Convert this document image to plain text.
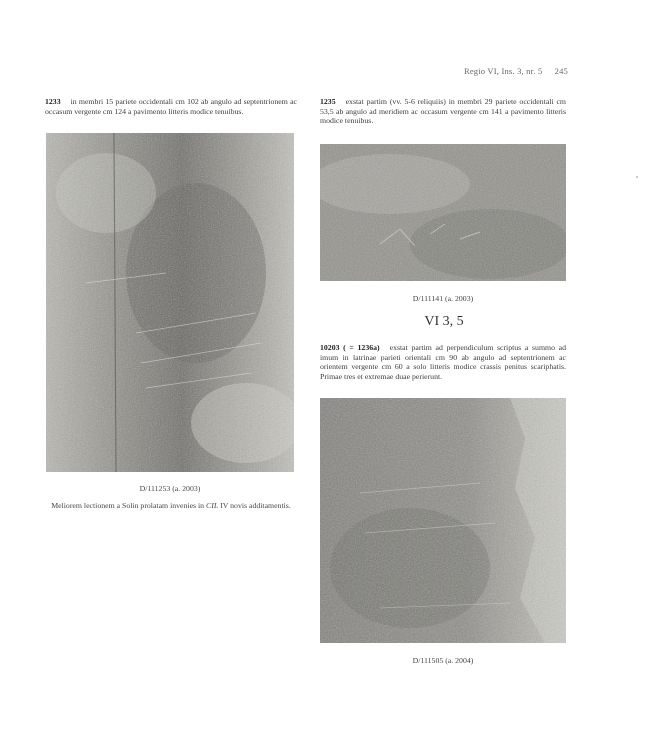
Regio VI, Ins. 3, nr. 5 245
1233 in membri 15 pariete occidentali cm 102 ab angulo ad septentrionem ac occasum vergente cm 124 a pavimento litteris modice tenuibus.
1235 exstat partim (vv. 5-6 reliquiis) in membri 29 pariete occidentali cm 53,5 ab angulo ad meridiem ac occasum vergente cm 141 a pavimento litteris modice tenuibus.
D/111253 (a. 2003)
Meliorem lectionem a Solin prolatam invenies in CIL IV novis additamentis.
D/111141 (a. 2003)
VI 3, 5
10203 ( = 1236a) exstat partim ad perpendiculum scriptus a summo ad imum in latrinae parieti orientali cm 90 ab angulo ad septentrionem ac orientem vergente cm 60 a solo litteris modice crassis penitus scariphatis. Primae tres et extremae duae perierunt.
D/111505 (a. 2004)
